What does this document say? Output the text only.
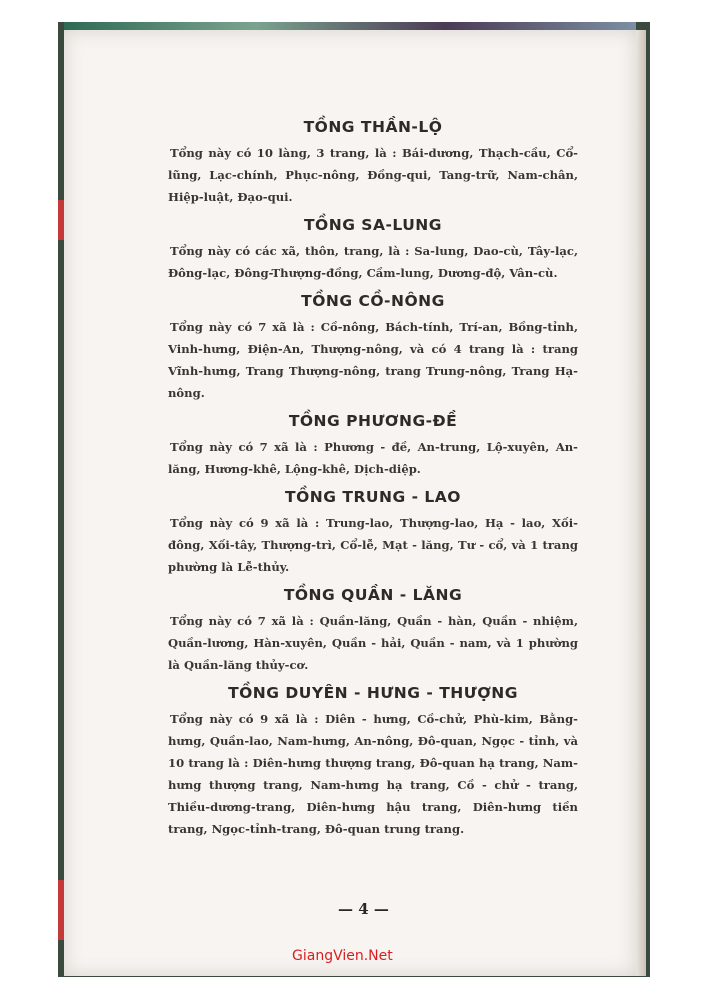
TỒNG THẦN-LỘ

Tổng này có 10 làng, 3 trang, là : Bái-dương, Thạch-cầu, Cổ-lũng, Lạc-chính, Phục-nông, Đồng-qui, Tang-trữ, Nam-chân, Hiệp-luật, Đạo-qui.

TỒNG SA-LUNG

Tổng này có các xã, thôn, trang, là : Sa-lung, Dao-cù, Tây-lạc, Đông-lạc, Đông-Thượng-đồng, Cầm-lung, Dương-độ, Vân-cù.

TỒNG CỒ-NÔNG

Tổng này có 7 xã là : Cồ-nông, Bách-tính, Trí-an, Bồng-tỉnh, Vinh-hưng, Điện-An, Thượng-nông, và có 4 trang là : trang Vĩnh-hưng, Trang Thượng-nông, trang Trung-nông, Trang Hạ-nông.

TỒNG PHƯƠNG-ĐỀ

Tổng này có 7 xã là : Phương - đề, An-trung, Lộ-xuyên, An-lăng, Hương-khê, Lộng-khê, Dịch-diệp.

TỒNG TRUNG - LAO

Tổng này có 9 xã là : Trung-lao, Thượng-lao, Hạ - lao, Xối-đông, Xối-tây, Thượng-trì, Cổ-lễ, Mạt - lăng, Tư - cổ, và 1 trang phường là Lễ-thủy.

TỒNG QUẦN - LĂNG

Tổng này có 7 xã là : Quần-lăng, Quần - hàn, Quần - nhiệm, Quần-lương, Hàn-xuyên, Quần - hải, Quần - nam, và 1 phường là Quần-lăng thủy-cơ.

TỒNG DUYÊN - HƯNG - THƯỢNG

Tổng này có 9 xã là : Diên - hưng, Cồ-chử, Phù-kim, Bằng-hưng, Quần-lao, Nam-hưng, An-nông, Đô-quan, Ngọc - tỉnh, và 10 trang là : Diên-hưng thượng trang, Đô-quan hạ trang, Nam-hưng thượng trang, Nam-hưng hạ trang, Cồ - chử - trang, Thiều-dương-trang, Diên-hưng hậu trang, Diên-hưng tiền trang, Ngọc-tỉnh-trang, Đô-quan trung trang.

— 4 —
GiangVien.Net
